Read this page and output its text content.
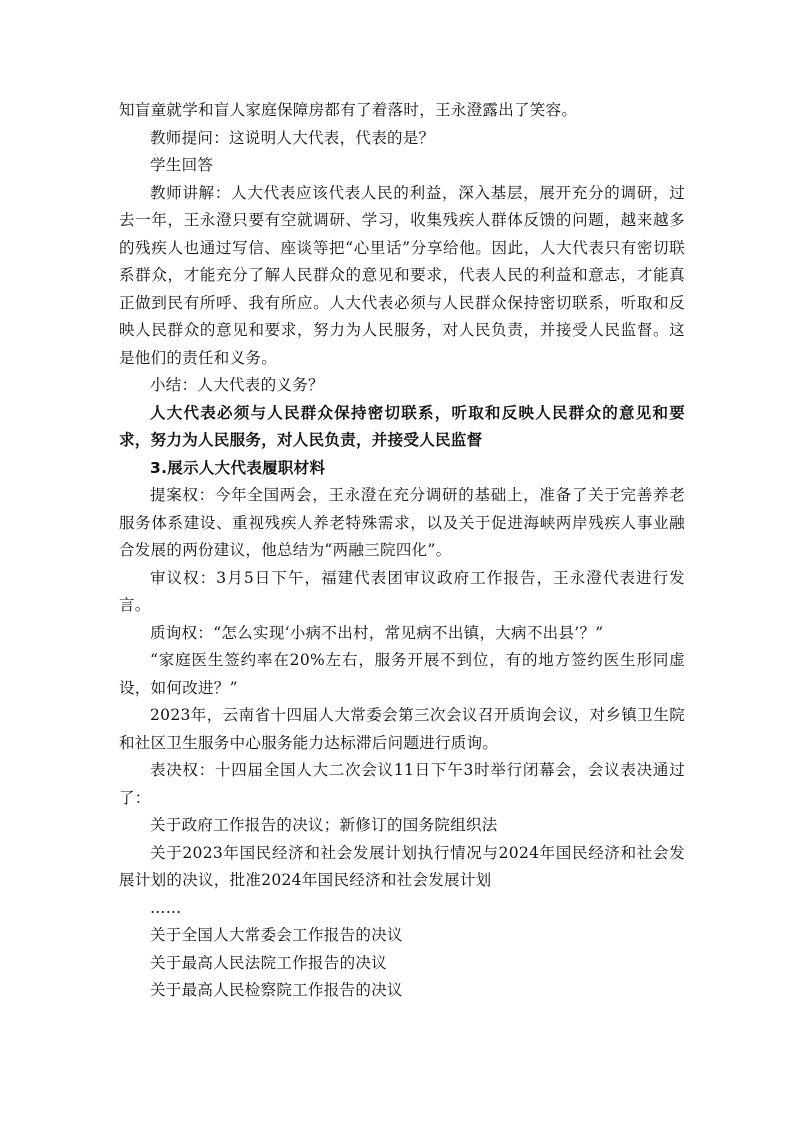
知盲童就学和盲人家庭保障房都有了着落时，王永澄露出了笑容。

教师提问：这说明人大代表，代表的是？

学生回答

教师讲解：人大代表应该代表人民的利益，深入基层，展开充分的调研，过去一年，王永澄只要有空就调研、学习，收集残疾人群体反馈的问题，越来越多的残疾人也通过写信、座谈等把“心里话”分享给他。因此，人大代表只有密切联系群众，才能充分了解人民群众的意见和要求，代表人民的利益和意志，才能真正做到民有所呼、我有所应。人大代表必须与人民群众保持密切联系，听取和反映人民群众的意见和要求，努力为人民服务，对人民负责，并接受人民监督。这是他们的责任和义务。

小结：人大代表的义务？

人大代表必须与人民群众保持密切联系，听取和反映人民群众的意见和要求，努力为人民服务，对人民负责，并接受人民监督

3.展示人大代表履职材料

提案权：今年全国两会，王永澄在充分调研的基础上，准备了关于完善养老服务体系建设、重视残疾人养老特殊需求，以及关于促进海峡两岸残疾人事业融合发展的两份建议，他总结为“两融三院四化”。

审议权：3月5日下午，福建代表团审议政府工作报告，王永澄代表进行发言。

质询权：“怎么实现‘小病不出村，常见病不出镇，大病不出县’？”

“家庭医生签约率在20%左右，服务开展不到位，有的地方签约医生形同虚设，如何改进？”

2023年，云南省十四届人大常委会第三次会议召开质询会议，对乡镇卫生院和社区卫生服务中心服务能力达标滞后问题进行质询。

表决权：十四届全国人大二次会议11日下午3时举行闭幕会，会议表决通过了：

关于政府工作报告的决议；新修订的国务院组织法

关于2023年国民经济和社会发展计划执行情况与2024年国民经济和社会发展计划的决议，批准2024年国民经济和社会发展计划

……

关于全国人大常委会工作报告的决议

关于最高人民法院工作报告的决议

关于最高人民检察院工作报告的决议
